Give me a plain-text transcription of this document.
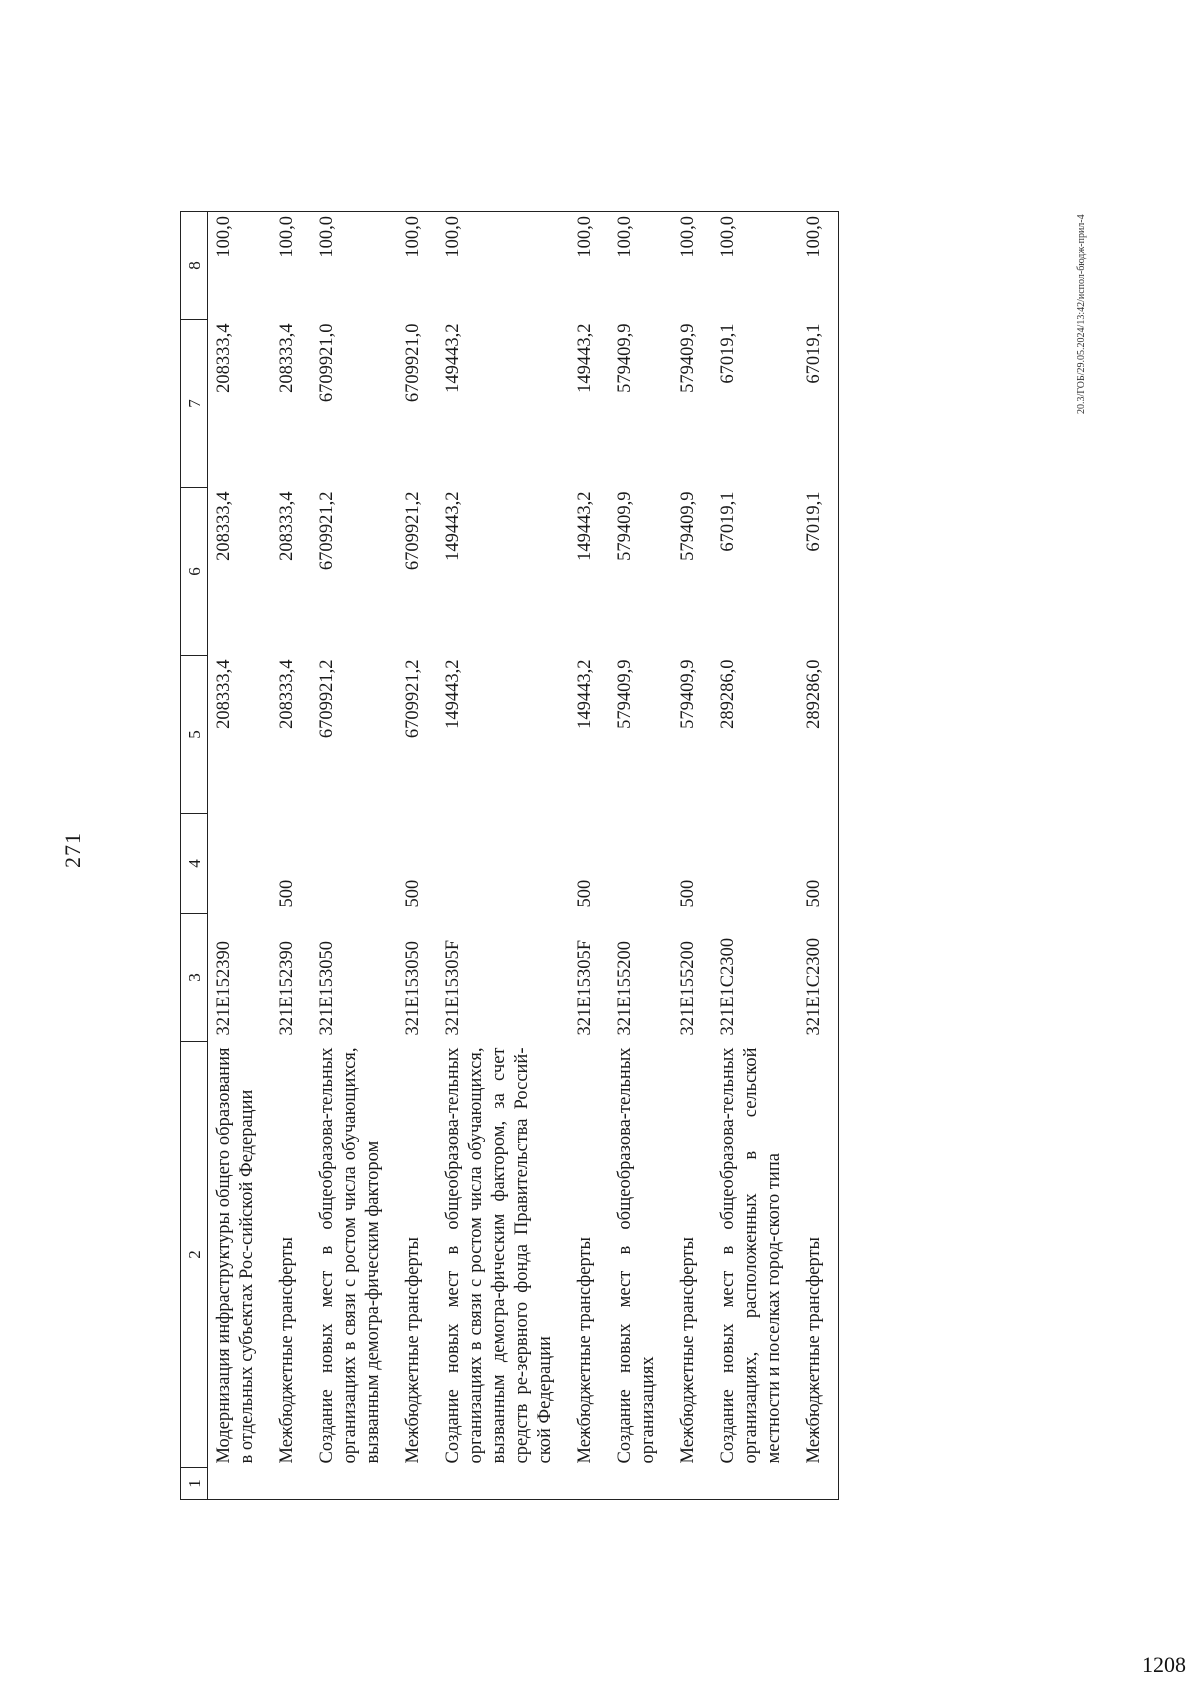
271
1	2	3	4	5	6	7	8
	Модернизация инфраструктуры общего образования в отдельных субъектах Рос-сийской Федерации	321E152390		208333,4	208333,4	208333,4	100,0
	Межбюджетные трансферты	321E152390	500	208333,4	208333,4	208333,4	100,0
	Создание новых мест в общеобразова-тельных организациях в связи с ростом числа обучающихся, вызванным демогра-фическим фактором	321E153050		6709921,2	6709921,2	6709921,0	100,0
	Межбюджетные трансферты	321E153050	500	6709921,2	6709921,2	6709921,0	100,0
	Создание новых мест в общеобразова-тельных организациях в связи с ростом числа обучающихся, вызванным демогра-фическим фактором, за счет средств ре-зервного фонда Правительства Россий-ской Федерации	321E15305F		149443,2	149443,2	149443,2	100,0
	Межбюджетные трансферты	321E15305F	500	149443,2	149443,2	149443,2	100,0
	Создание новых мест в общеобразова-тельных организациях	321E155200		579409,9	579409,9	579409,9	100,0
	Межбюджетные трансферты	321E155200	500	579409,9	579409,9	579409,9	100,0
	Создание новых мест в общеобразова-тельных организациях, расположенных в сельской местности и поселках город-ского типа	321E1C2300		289286,0	67019,1	67019,1	100,0
	Межбюджетные трансферты	321E1C2300	500	289286,0	67019,1	67019,1	100,0	20.3/ГОБ/29.05.2024/13:42/испол-бюдж-прил-4
1208
